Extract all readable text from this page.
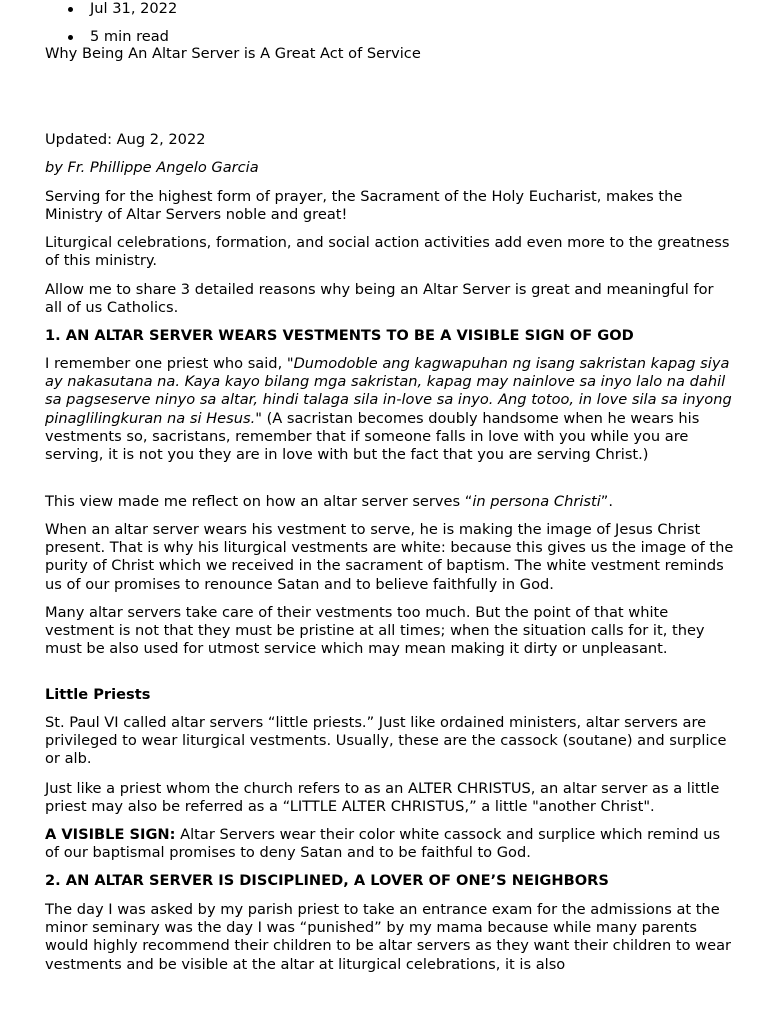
Why Being An Altar Server is A Great Act of Service

Jul 31, 2022
5 min read

Updated: Aug 2, 2022

by Fr. Phillippe Angelo Garcia

Serving for the highest form of prayer, the Sacrament of the Holy Eucharist, makes the Ministry of Altar Servers noble and great!

Liturgical celebrations, formation, and social action activities add even more to the greatness of this ministry.

Allow me to share 3 detailed reasons why being an Altar Server is great and meaningful for all of us Catholics.

1. AN ALTAR SERVER WEARS VESTMENTS TO BE A VISIBLE SIGN OF GOD

I remember one priest who said, "Dumodoble ang kagwapuhan ng isang sakristan kapag siya ay nakasutana na. Kaya kayo bilang mga sakristan, kapag may nainlove sa inyo lalo na dahil sa pagseserve ninyo sa altar, hindi talaga sila in-love sa inyo. Ang totoo, in love sila sa inyong pinaglilingkuran na si Hesus." (A sacristan becomes doubly handsome when he wears his vestments so, sacristans, remember that if someone falls in love with you while you are serving, it is not you they are in love with but the fact that you are serving Christ.)

This view made me reflect on how an altar server serves “in persona Christi”.

When an altar server wears his vestment to serve, he is making the image of Jesus Christ present. That is why his liturgical vestments are white: because this gives us the image of the purity of Christ which we received in the sacrament of baptism. The white vestment reminds us of our promises to renounce Satan and to believe faithfully in God.

Many altar servers take care of their vestments too much. But the point of that white vestment is not that they must be pristine at all times; when the situation calls for it, they must be also used for utmost service which may mean making it dirty or unpleasant.

Little Priests

St. Paul VI called altar servers “little priests.” Just like ordained ministers, altar servers are privileged to wear liturgical vestments. Usually, these are the cassock (soutane) and surplice or alb.

Just like a priest whom the church refers to as an ALTER CHRISTUS, an altar server as a little priest may also be referred as a “LITTLE ALTER CHRISTUS,” a little "another Christ".

A VISIBLE SIGN: Altar Servers wear their color white cassock and surplice which remind us of our baptismal promises to deny Satan and to be faithful to God.

2. AN ALTAR SERVER IS DISCIPLINED, A LOVER OF ONE’S NEIGHBORS

The day I was asked by my parish priest to take an entrance exam for the admissions at the minor seminary was the day I was “punished” by my mama because while many parents would highly recommend their children to be altar servers as they want their children to wear vestments and be visible at the altar at liturgical celebrations, it is also
